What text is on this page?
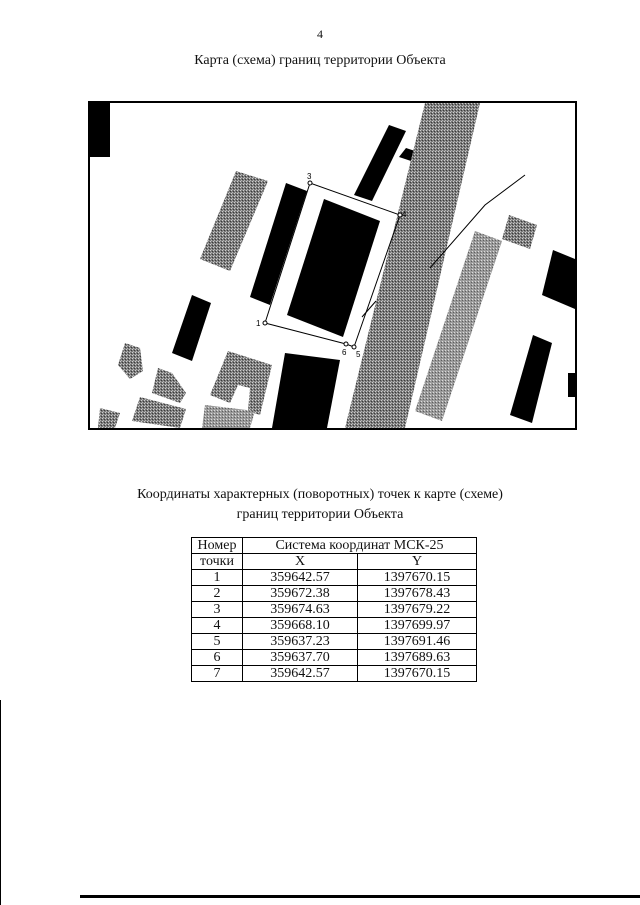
4
Карта (схема) границ территории Объекта
1
3
4
5
6
Координаты характерных (поворотных) точек к карте (схеме)
границ территории Объекта
Номер	Система координат МСК-25	
точки	X	Y
1	359642.57	1397670.15
2	359672.38	1397678.43
3	359674.63	1397679.22
4	359668.10	1397699.97
5	359637.23	1397691.46
6	359637.70	1397689.63
7	359642.57	1397670.15
